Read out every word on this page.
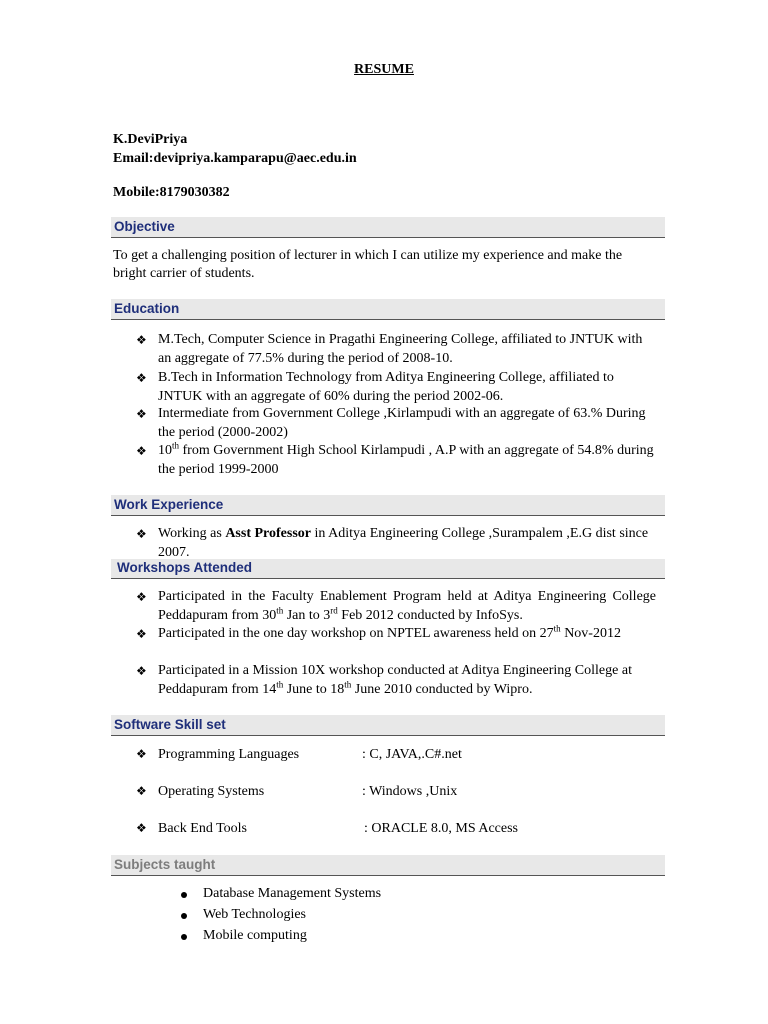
RESUME
K.DeviPriya
Email:devipriya.kamparapu@aec.edu.in
Mobile:8179030382
Objective
To get a challenging position of lecturer in which I can utilize my experience and make the bright carrier of students.
Education
❖ M.Tech, Computer Science in Pragathi Engineering College, affiliated to JNTUK with an aggregate of 77.5% during the period of 2008-10.
❖ B.Tech in Information Technology from Aditya Engineering College, affiliated to JNTUK with an aggregate of 60% during the period 2002-06.
❖ Intermediate from Government College ,Kirlampudi with an aggregate of 63.% During the period (2000-2002)
❖ 10th from Government High School Kirlampudi , A.P with an aggregate of 54.8% during the period 1999-2000
Work Experience
❖ Working as Asst Professor in Aditya Engineering College ,Surampalem ,E.G dist since 2007.
Workshops Attended
❖ Participated in the Faculty Enablement Program held at Aditya Engineering College Peddapuram from 30th Jan to 3rd Feb 2012 conducted by InfoSys.
❖ Participated in the one day workshop on NPTEL awareness held on 27th Nov-2012
❖ Participated in a Mission 10X workshop conducted at Aditya Engineering College at Peddapuram from 14th June to 18th June 2010 conducted by Wipro.
Software Skill set
❖ Programming Languages	: C, JAVA,.C#.net
❖ Operating Systems	: Windows ,Unix
❖ Back End Tools	: ORACLE 8.0, MS Access
Subjects taught
Database Management Systems
Web Technologies
Mobile computing
